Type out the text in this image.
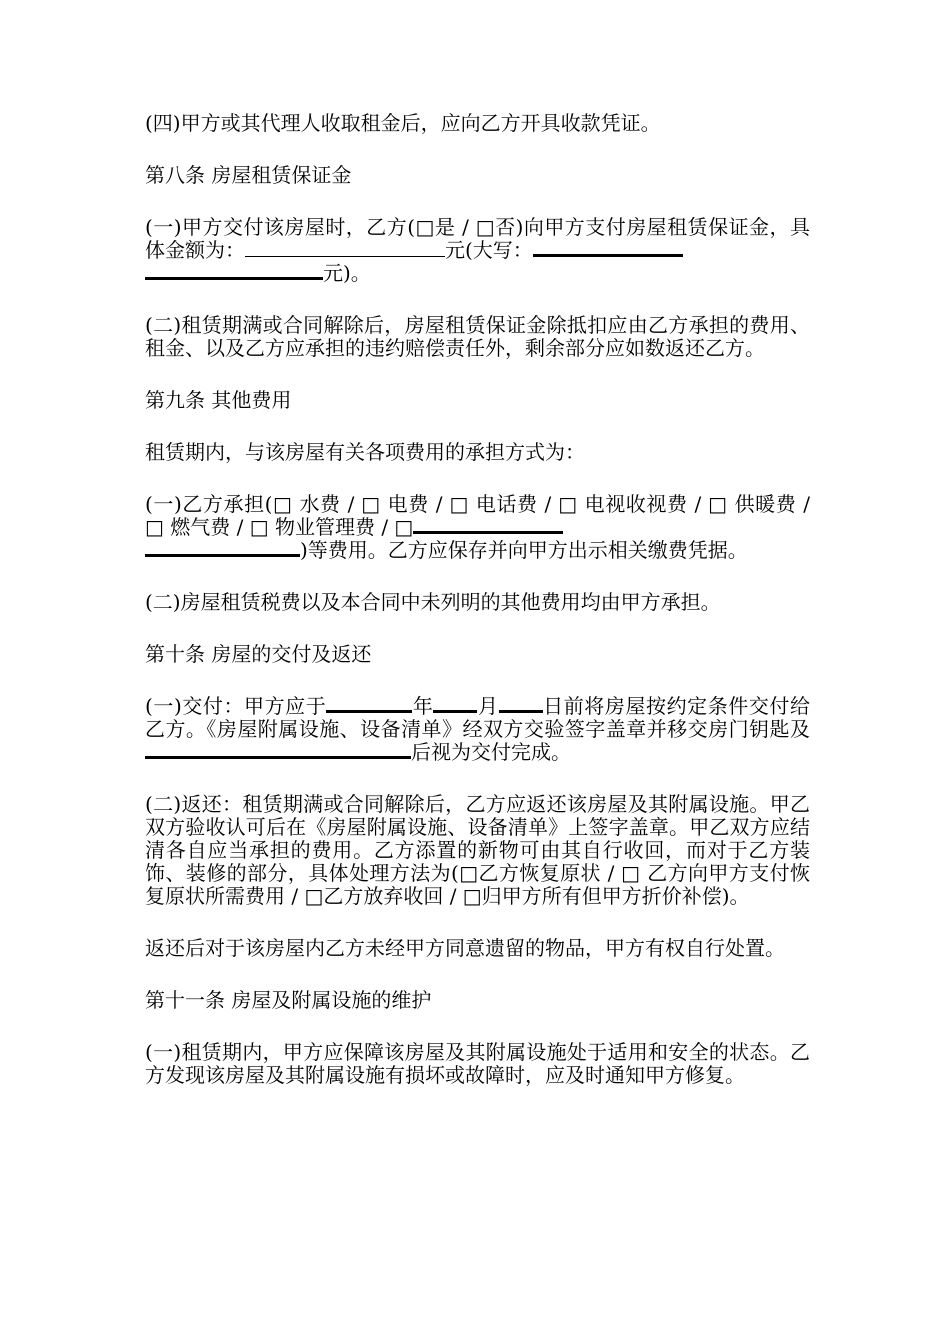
(四)甲方或其代理人收取租金后，应向乙方开具收款凭证。

第八条 房屋租赁保证金

(一)甲方交付该房屋时，乙方(□是 / □否)向甲方支付房屋租赁保证金，具体金额为：	元(大写：
元)。

(二)租赁期满或合同解除后，房屋租赁保证金除抵扣应由乙方承担的费用、租金、以及乙方应承担的违约赔偿责任外，剩余部分应如数返还乙方。

第九条 其他费用

租赁期内，与该房屋有关各项费用的承担方式为：

(一)乙方承担(□ 水费 / □ 电费 / □ 电话费 / □ 电视收视费 / □ 供暖费 / □ 燃气费 / □ 物业管理费 / □
)等费用。乙方应保存并向甲方出示相关缴费凭据。

(二)房屋租赁税费以及本合同中未列明的其他费用均由甲方承担。

第十条 房屋的交付及返还

(一)交付：甲方应于	年 月 日前将房屋按约定条件交付给乙方。《房屋附属设施、设备清单》经双方交验签字盖章并移交房门钥匙及后视为交付完成。

(二)返还：租赁期满或合同解除后，乙方应返还该房屋及其附属设施。甲乙双方验收认可后在《房屋附属设施、设备清单》上签字盖章。甲乙双方应结清各自应当承担的费用。乙方添置的新物可由其自行收回，而对于乙方装饰、装修的部分，具体处理方法为(□乙方恢复原状 / □ 乙方向甲方支付恢复原状所需费用 / □乙方放弃收回 / □归甲方所有但甲方折价补偿)。

返还后对于该房屋内乙方未经甲方同意遗留的物品，甲方有权自行处置。

第十一条 房屋及附属设施的维护

(一)租赁期内，甲方应保障该房屋及其附属设施处于适用和安全的状态。乙方发现该房屋及其附属设施有损坏或故障时，应及时通知甲方修复。
